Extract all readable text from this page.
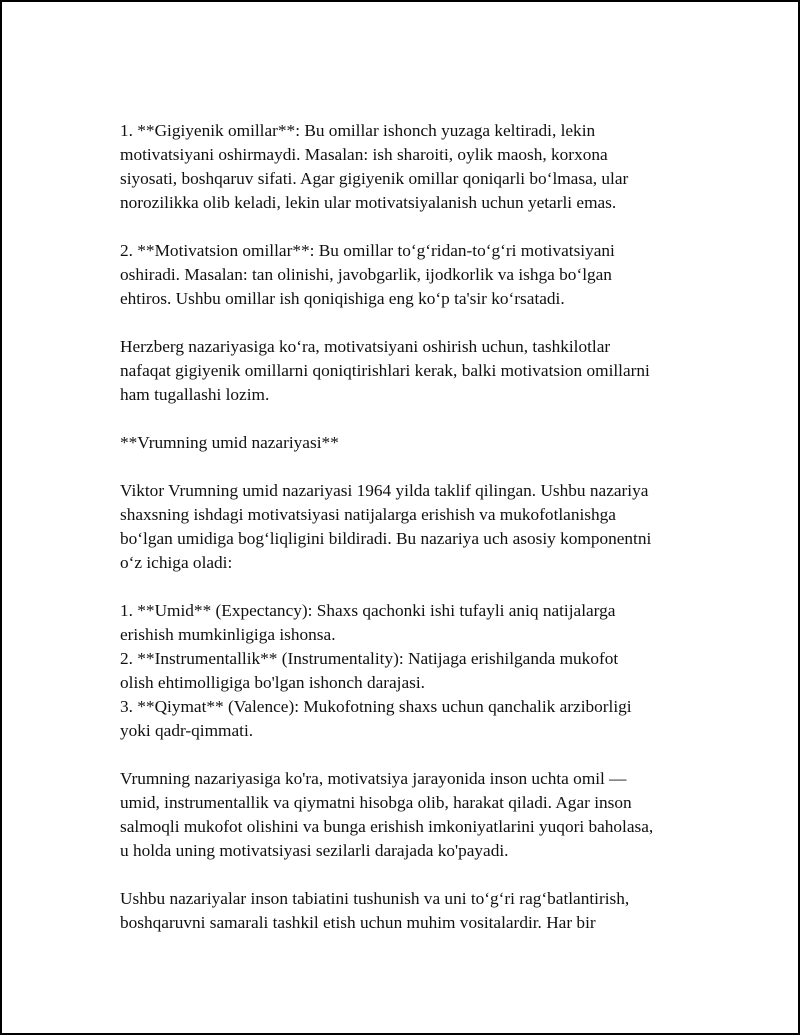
1. **Gigiyenik omillar**: Bu omillar ishonch yuzaga keltiradi, lekin
motivatsiyani oshirmaydi. Masalan: ish sharoiti, oylik maosh, korxona
siyosati, boshqaruv sifati. Agar gigiyenik omillar qoniqarli boʻlmasa, ular
norozilikka olib keladi, lekin ular motivatsiyalanish uchun yetarli emas.

2. **Motivatsion omillar**: Bu omillar toʻgʻridan-toʻgʻri motivatsiyani
oshiradi. Masalan: tan olinishi, javobgarlik, ijodkorlik va ishga boʻlgan
ehtiros. Ushbu omillar ish qoniqishiga eng koʻp ta'sir koʻrsatadi.

Herzberg nazariyasiga koʻra, motivatsiyani oshirish uchun, tashkilotlar
nafaqat gigiyenik omillarni qoniqtirishlari kerak, balki motivatsion omillarni
ham tugallashi lozim.

**Vrumning umid nazariyasi**

Viktor Vrumning umid nazariyasi 1964 yilda taklif qilingan. Ushbu nazariya
shaxsning ishdagi motivatsiyasi natijalarga erishish va mukofotlanishga
boʻlgan umidiga bogʻliqligini bildiradi. Bu nazariya uch asosiy komponentni
oʻz ichiga oladi:

1. **Umid** (Expectancy): Shaxs qachonki ishi tufayli aniq natijalarga
erishish mumkinligiga ishonsa.
2. **Instrumentallik** (Instrumentality): Natijaga erishilganda mukofot
olish ehtimolligiga bo'lgan ishonch darajasi.
3. **Qiymat** (Valence): Mukofotning shaxs uchun qanchalik arziborligi
yoki qadr-qimmati.

Vrumning nazariyasiga ko'ra, motivatsiya jarayonida inson uchta omil —
umid, instrumentallik va qiymatni hisobga olib, harakat qiladi. Agar inson
salmoqli mukofot olishini va bunga erishish imkoniyatlarini yuqori baholasa,
u holda uning motivatsiyasi sezilarli darajada ko'payadi.

Ushbu nazariyalar inson tabiatini tushunish va uni toʻgʻri ragʻbatlantirish,
boshqaruvni samarali tashkil etish uchun muhim vositalardir. Har bir
